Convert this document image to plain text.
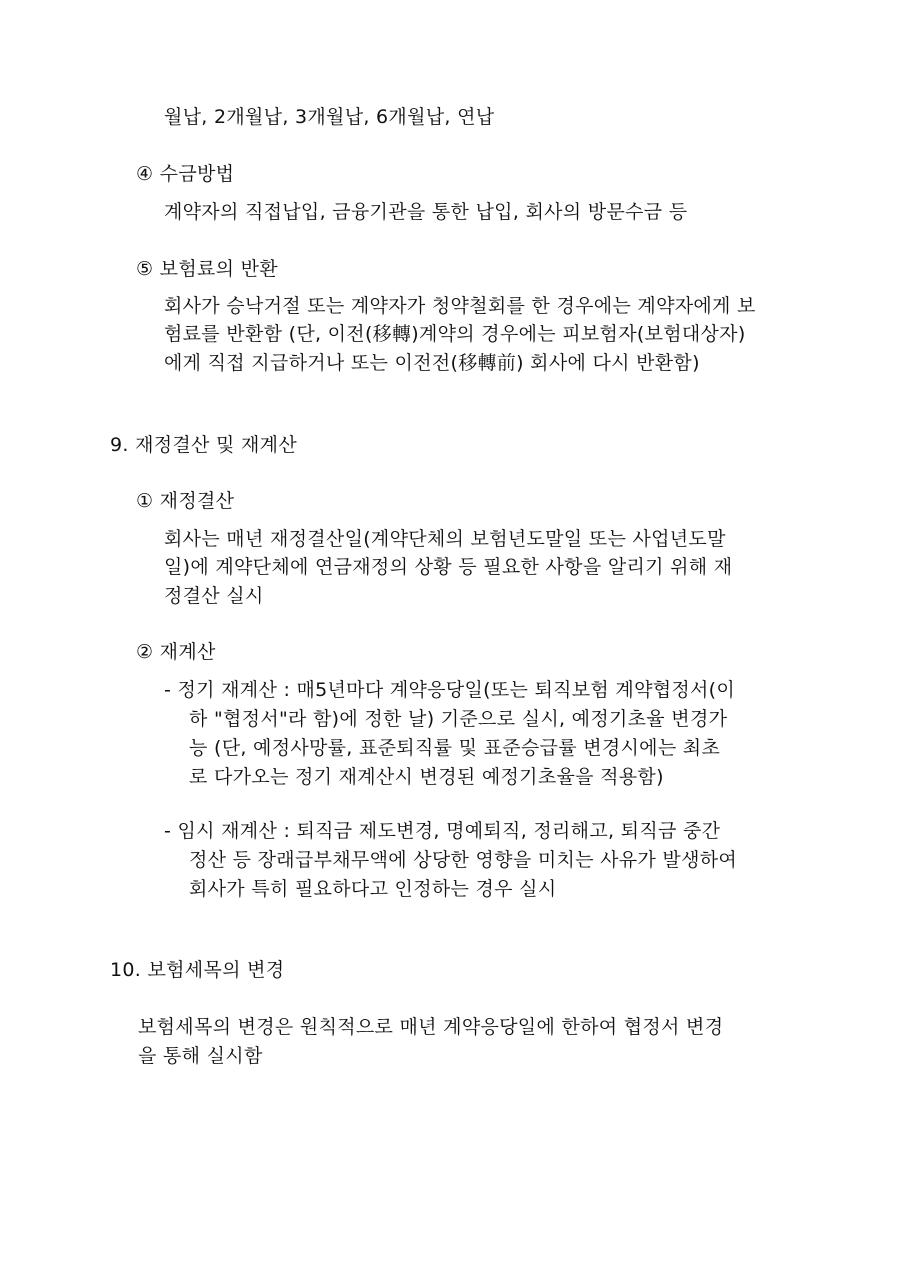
월납, 2개월납, 3개월납, 6개월납, 연납
④ 수금방법
계약자의 직접납입, 금융기관을 통한 납입, 회사의 방문수금 등
⑤ 보험료의 반환
회사가 승낙거절 또는 계약자가 청약철회를 한 경우에는 계약자에게 보
험료를 반환함 (단, 이전(移轉)계약의 경우에는 피보험자(보험대상자)
에게 직접 지급하거나 또는 이전전(移轉前) 회사에 다시 반환함)
9. 재정결산 및 재계산
① 재정결산
회사는 매년 재정결산일(계약단체의 보험년도말일 또는 사업년도말
일)에 계약단체에 연금재정의 상황 등 필요한 사항을 알리기 위해 재
정결산 실시
② 재계산
- 정기 재계산 : 매5년마다 계약응당일(또는 퇴직보험 계약협정서(이
하 "협정서"라 함)에 정한 날) 기준으로 실시, 예정기초율 변경가
능 (단, 예정사망률, 표준퇴직률 및 표준승급률 변경시에는 최초
로 다가오는 정기 재계산시 변경된 예정기초율을 적용함)
- 임시 재계산 : 퇴직금 제도변경, 명예퇴직, 정리해고, 퇴직금 중간
정산 등 장래급부채무액에 상당한 영향을 미치는 사유가 발생하여
회사가 특히 필요하다고 인정하는 경우 실시
10. 보험세목의 변경
보험세목의 변경은 원칙적으로 매년 계약응당일에 한하여 협정서 변경
을 통해 실시함
